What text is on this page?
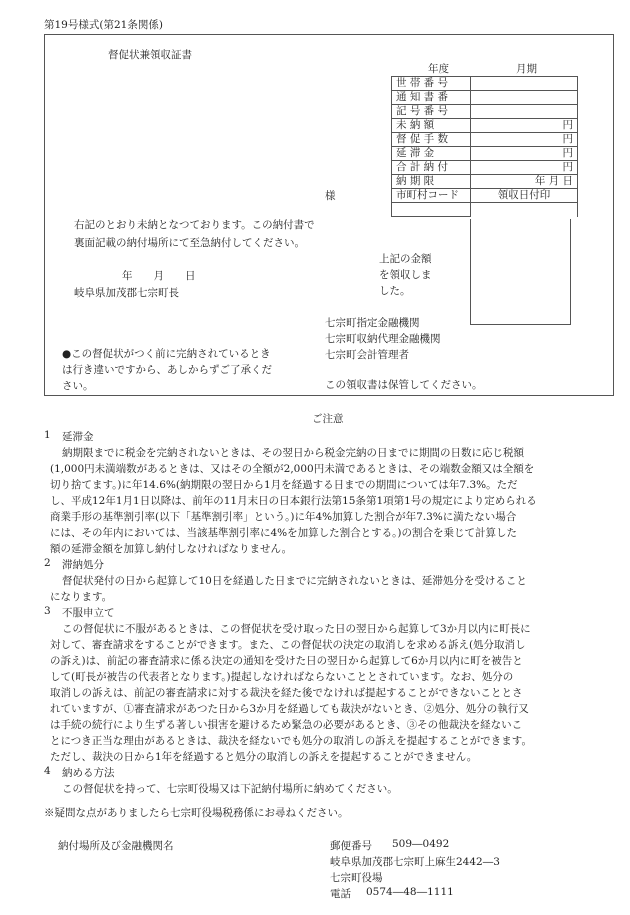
第19号様式(第21条関係)
督促状兼領収証書
年度	月期
世 帯 番 号	
通 知 書 番	
記 号 番 号	
未 納 額	円
督 促 手 数	円
延 滞 金	円
合 計 納 付	円
納 期 限	年 月 日
市町村コード	領収日付印

様
右記のとおり未納となつております。この納付書で
裏面記載の納付場所にて至急納付してください。
年　　月　　日
岐阜県加茂郡七宗町長
上記の金額
を領収しま
した。
七宗町指定金融機関
七宗町収納代理金融機関
七宗町会計管理者
●この督促状がつく前に完納されているとき
は行き違いですから、あしからずご了承くだ
さい。	この領収書は保管してください。
ご注意
1 延滞金
納期限までに税金を完納されないときは、その翌日から税金完納の日までに期間の日数に応じ税額
(1,000円未満端数があるときは、又はその全額が2,000円未満であるときは、その端数金額又は全額を
切り捨てます。)に年14.6%(納期限の翌日から1月を経過する日までの期間については年7.3%。ただ
し、平成12年1月1日以降は、前年の11月末日の日本銀行法第15条第1項第1号の規定により定められる
商業手形の基準割引率(以下「基準割引率」という。)に年4%加算した割合が年7.3%に満たない場合
には、その年内においては、当該基準割引率に4%を加算した割合とする。)の割合を乗じて計算した
額の延滞金額を加算し納付しなければなりません。
2 滞納処分
督促状発付の日から起算して10日を経過した日までに完納されないときは、延滞処分を受けること
になります。
3 不服申立て
この督促状に不服があるときは、この督促状を受け取った日の翌日から起算して3か月以内に町長に
対して、審査請求をすることができます。また、この督促状の決定の取消しを求める訴え(処分取消し
の訴え)は、前記の審査請求に係る決定の通知を受けた日の翌日から起算して6か月以内に町を被告と
して(町長が被告の代表者となります。)提起しなければならないこととされています。なお、処分の
取消しの訴えは、前記の審査請求に対する裁決を経た後でなければ提起することができないこととさ
れていますが、①審査請求があつた日から3か月を経過しても裁決がないとき、②処分、処分の執行又
は手続の続行により生ずる著しい損害を避けるため緊急の必要があるとき、③その他裁決を経ないこ
とにつき正当な理由があるときは、裁決を経ないでも処分の取消しの訴えを提起することができます。
ただし、裁決の日から1年を経過すると処分の取消しの訴えを提起することができません。
4 納める方法
この督促状を持って、七宗町役場又は下記納付場所に納めてください。
※疑問な点がありましたら七宗町役場税務係にお尋ねください。
納付場所及び金融機関名	郵便番号 509―0492
岐阜県加茂郡七宗町上麻生2442―3
七宗町役場
電話 0574―48―1111
